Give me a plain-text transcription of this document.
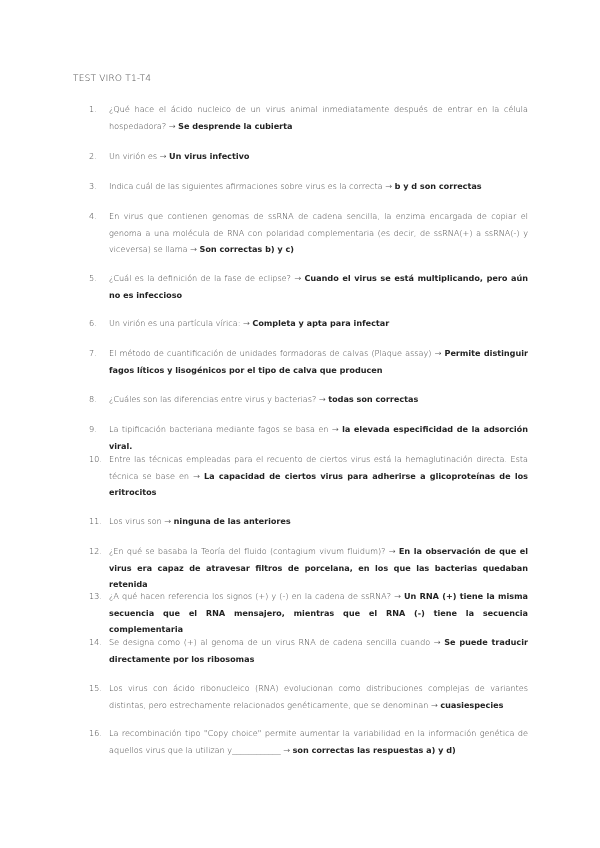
TEST VIRO T1-T4
1.	¿Qué hace el ácido nucleico de un virus animal inmediatamente después de entrar en la célula hospedadora? → Se desprende la cubierta
2.	Un virión es → Un virus infectivo
3.	Indica cuál de las siguientes afirmaciones sobre virus es la correcta → b y d son correctas
4.	En virus que contienen genomas de ssRNA de cadena sencilla, la enzima encargada de copiar el genoma a una molécula de RNA con polaridad complementaria (es decir, de ssRNA(+) a ssRNA(-) y viceversa) se llama → Son correctas b) y c)
5.	¿Cuál es la definición de la fase de eclipse? → Cuando el virus se está multiplicando, pero aún no es infeccioso
6.	Un virión es una partícula vírica: → Completa y apta para infectar
7.	El método de cuantificación de unidades formadoras de calvas (Plaque assay) → Permite distinguir fagos líticos y lisogénicos por el tipo de calva que producen
8.	¿Cuáles son las diferencias entre virus y bacterias? → todas son correctas
9.	La tipificación bacteriana mediante fagos se basa en → la elevada especificidad de la adsorción viral.
10. Entre las técnicas empleadas para el recuento de ciertos virus está la hemaglutinación directa. Esta técnica se base en → La capacidad de ciertos virus para adherirse a glicoproteínas de los eritrocitos
11. Los virus son → ninguna de las anteriores
12. ¿En qué se basaba la Teoría del fluido (contagium vivum fluidum)? → En la observación de que el virus era capaz de atravesar filtros de porcelana, en los que las bacterias quedaban retenida
13. ¿A qué hacen referencia los signos (+) y (-) en la cadena de ssRNA? → Un RNA (+) tiene la misma secuencia que el RNA mensajero, mientras que el RNA (-) tiene la secuencia complementaria
14. Se designa como (+) al genoma de un virus RNA de cadena sencilla cuando → Se puede traducir directamente por los ribosomas
15. Los virus con ácido ribonucleico (RNA) evolucionan como distribuciones complejas de variantes distintas, pero estrechamente relacionados genéticamente, que se denominan → cuasiespecies
16. La recombinación tipo "Copy choice" permite aumentar la variabilidad en la información genética de aquellos virus que la utilizan y____________ → son correctas las respuestas a) y d)
